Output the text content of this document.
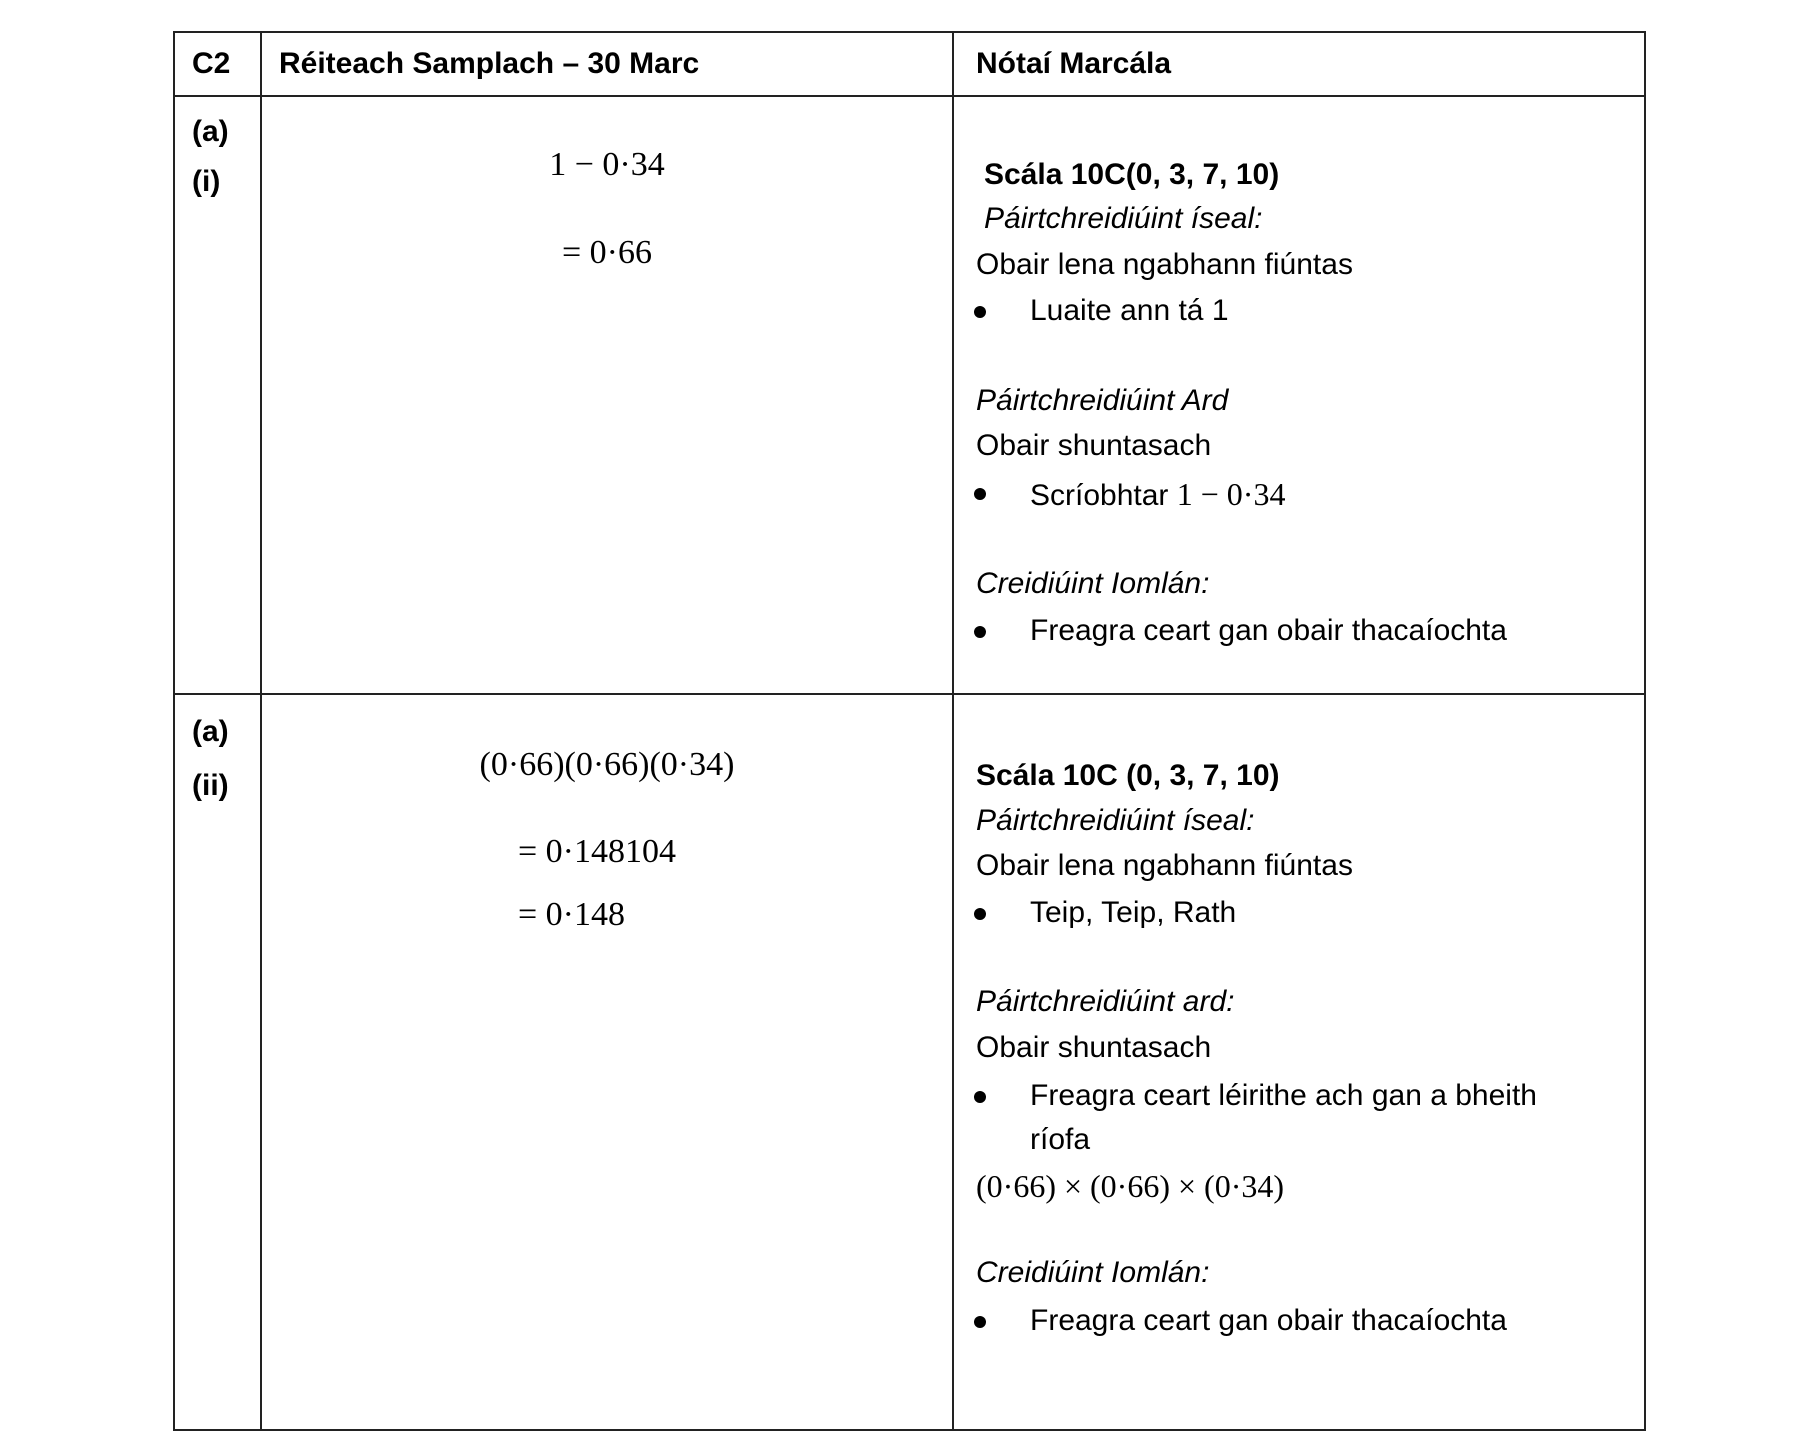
C2 Réiteach Samplach – 30 Marc	Nótaí Marcála
(a)
(i)	1 − 0·34
= 0·66
Scála 10C(0, 3, 7, 10)
Páirtchreidiúint íseal:
Obair lena ngabhann fiúntas
Luaite ann tá 1
Páirtchreidiúint Ard
Obair shuntasach
Scríobhtar 1 − 0·34
Creidiúint Iomlán:
Freagra ceart gan obair thacaíochta
(a)
(ii)
(0·66)(0·66)(0·34)
= 0·148104
= 0·148
Scála 10C (0, 3, 7, 10)
Páirtchreidiúint íseal:
Obair lena ngabhann fiúntas
Teip, Teip, Rath
Páirtchreidiúint ard:
Obair shuntasach
Freagra ceart léirithe ach gan a bheith
ríofa
(0·66) × (0·66) × (0·34)
Creidiúint Iomlán:
Freagra ceart gan obair thacaíochta
